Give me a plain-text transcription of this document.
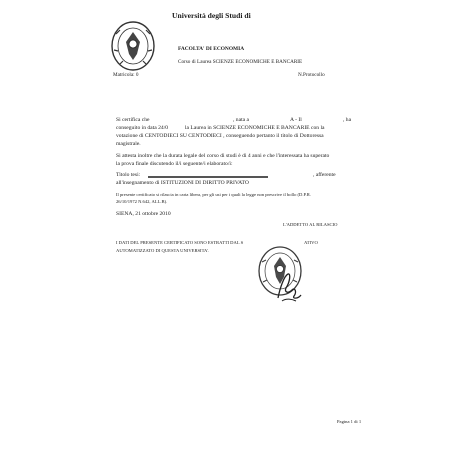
Università degli Studi di
FACOLTA' DI ECONOMIA
Corso di Laurea SCIENZE ECONOMICHE E BANCARIE
Matricola: 0	N.Protocollo
Si certifica che	, nata a	A - Il	, ha
conseguito in data 24/0	la Laurea in SCIENZE ECONOMICHE E BANCARIE con la
votazione di CENTODIECI SU CENTODIECI , conseguendo pertanto il titolo di Dottoressa
magistrale.
Si attesta inoltre che la durata legale del corso di studi è di 4 anni e che l'interessata ha superato
la prova finale discutendo il/i seguente/i elaborato/i:
Titolo tesi:	, afferente
all'insegnamento di ISTITUZIONI DI DIRITTO PRIVATO
Il presente certificato si rilascia in carta libera, per gli usi per i quali la legge non prescrive il bollo (D.P.R.
26/10/1972 N.642, ALL.B).
SIENA, 21 ottobre 2010
L'ADDETTO AL RILASCIO
I DATI DEL PRESENTE CERTIFICATO SONO ESTRATTI DAL S	ATIVO
AUTOMATIZZATO DI QUESTA UNIVERSITA'.
Pagina 1 di 1
